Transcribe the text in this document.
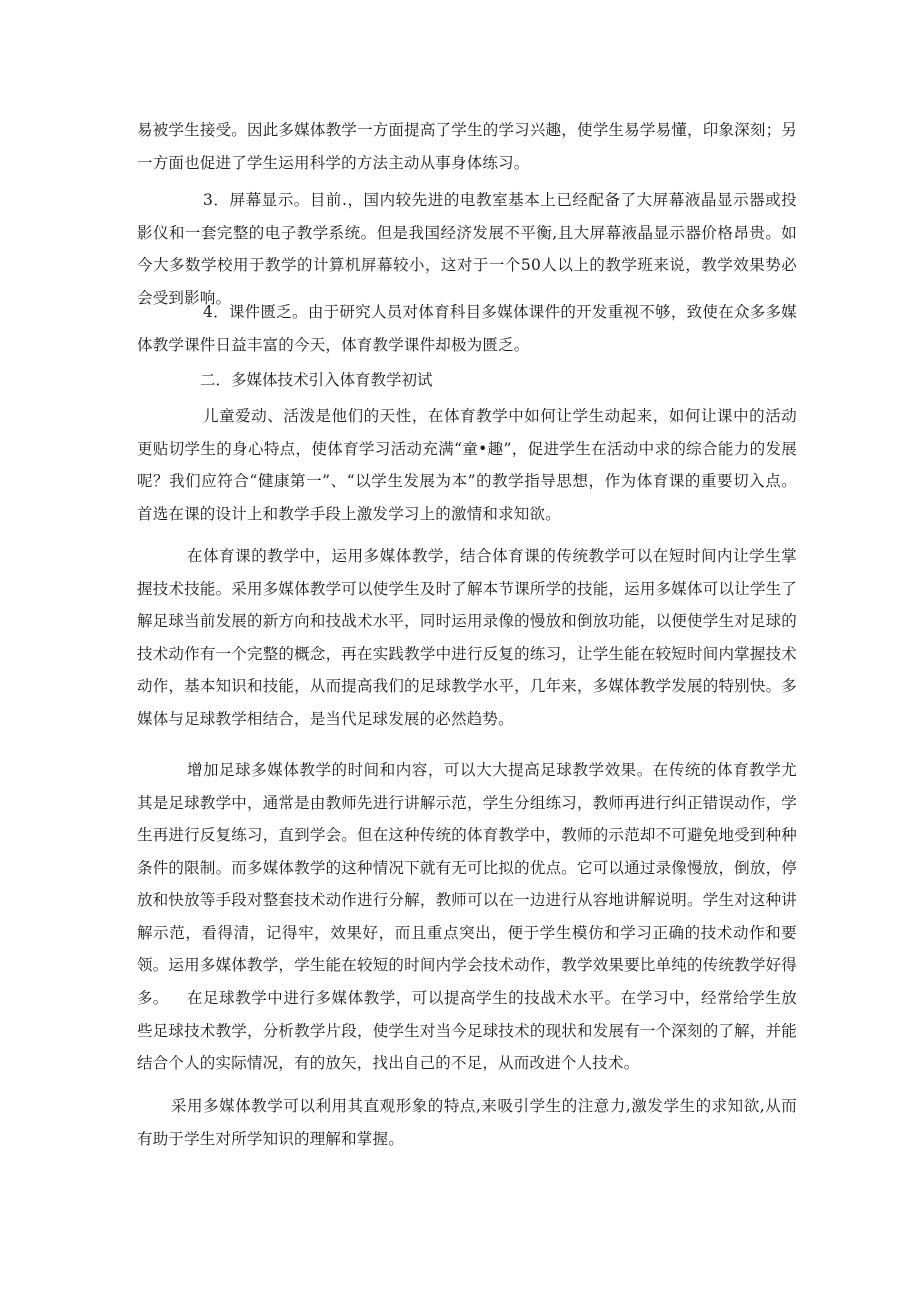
易被学生接受。因此多媒体教学一方面提高了学生的学习兴趣，使学生易学易懂，印象深刻；另一方面也促进了学生运用科学的方法主动从事身体练习。

3．屏幕显示。目前.，国内较先进的电教室基本上已经配备了大屏幕液晶显示器或投影仪和一套完整的电子教学系统。但是我国经济发展不平衡,且大屏幕液晶显示器价格昂贵。如今大多数学校用于教学的计算机屏幕较小，这对于一个50人以上的教学班来说，教学效果势必会受到影响。

4．课件匮乏。由于研究人员对体育科目多媒体课件的开发重视不够，致使在众多多媒体教学课件日益丰富的今天，体育教学课件却极为匮乏。

二．多媒体技术引入体育教学初试

儿童爱动、活泼是他们的天性，在体育教学中如何让学生动起来，如何让课中的活动更贴切学生的身心特点，使体育学习活动充满“童•趣”，促进学生在活动中求的综合能力的发展呢？我们应符合“健康第一”、“以学生发展为本”的教学指导思想，作为体育课的重要切入点。首选在课的设计上和教学手段上激发学习上的激情和求知欲。

在体育课的教学中，运用多媒体教学，结合体育课的传统教学可以在短时间内让学生掌握技术技能。采用多媒体教学可以使学生及时了解本节课所学的技能，运用多媒体可以让学生了解足球当前发展的新方向和技战术水平，同时运用录像的慢放和倒放功能，以便使学生对足球的技术动作有一个完整的概念，再在实践教学中进行反复的练习，让学生能在较短时间内掌握技术动作，基本知识和技能，从而提高我们的足球教学水平，几年来，多媒体教学发展的特别快。多媒体与足球教学相结合，是当代足球发展的必然趋势。

增加足球多媒体教学的时间和内容，可以大大提高足球教学效果。在传统的体育教学尤其是足球教学中，通常是由教师先进行讲解示范，学生分组练习，教师再进行纠正错误动作，学生再进行反复练习，直到学会。但在这种传统的体育教学中，教师的示范却不可避免地受到种种条件的限制。而多媒体教学的这种情况下就有无可比拟的优点。它可以通过录像慢放，倒放，停放和快放等手段对整套技术动作进行分解，教师可以在一边进行从容地讲解说明。学生对这种讲解示范，看得清，记得牢，效果好，而且重点突出，便于学生模仿和学习正确的技术动作和要领。运用多媒体教学，学生能在较短的时间内学会技术动作，教学效果要比单纯的传统教学好得多。	在足球教学中进行多媒体教学，可以提高学生的技战术水平。在学习中，经常给学生放些足球技术教学，分析教学片段，使学生对当今足球技术的现状和发展有一个深刻的了解，并能结合个人的实际情况，有的放矢，找出自己的不足，从而改进个人技术。

采用多媒体教学可以利用其直观形象的特点,来吸引学生的注意力,激发学生的求知欲,从而有助于学生对所学知识的理解和掌握。
